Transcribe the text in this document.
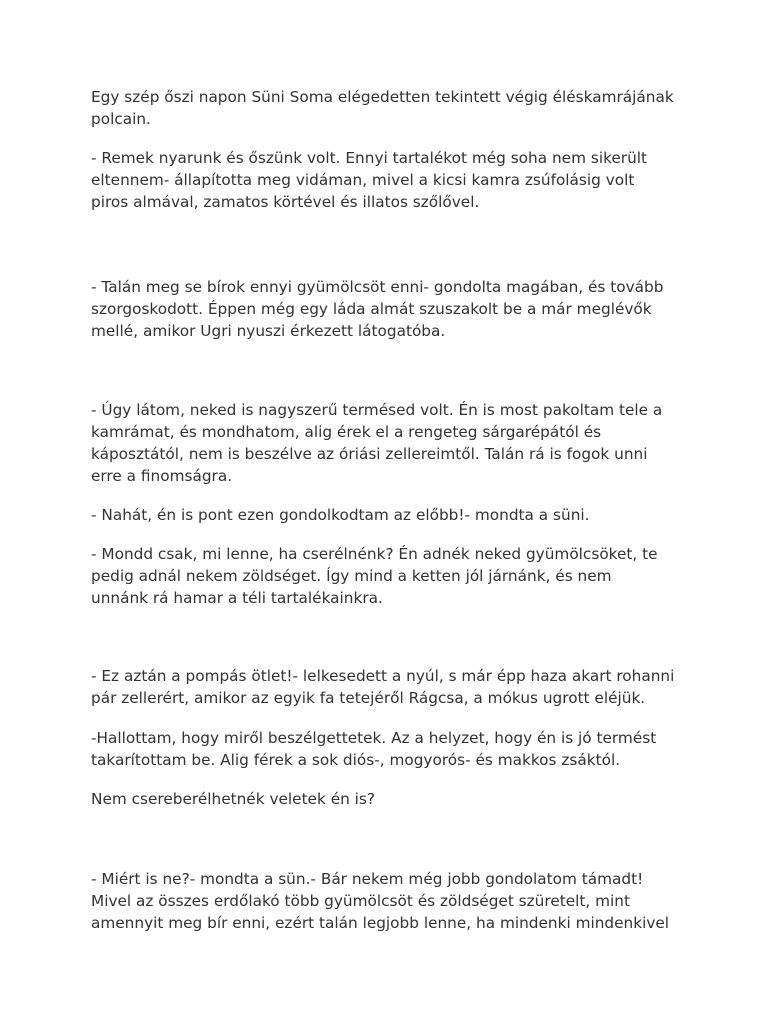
Egy szép őszi napon Süni Soma elégedetten tekintett végig éléskamrájának
polcain.

- Remek nyarunk és őszünk volt. Ennyi tartalékot még soha nem sikerült
eltennem- állapította meg vidáman, mivel a kicsi kamra zsúfolásig volt
piros almával, zamatos körtével és illatos szőlővel.

- Talán meg se bírok ennyi gyümölcsöt enni- gondolta magában, és tovább
szorgoskodott. Éppen még egy láda almát szuszakolt be a már meglévők
mellé, amikor Ugri nyuszi érkezett látogatóba.

- Úgy látom, neked is nagyszerű termésed volt. Én is most pakoltam tele a
kamrámat, és mondhatom, alig érek el a rengeteg sárgarépától és
káposztától, nem is beszélve az óriási zellereimtől. Talán rá is fogok unni
erre a finomságra.

- Nahát, én is pont ezen gondolkodtam az előbb!- mondta a süni.

- Mondd csak, mi lenne, ha cserélnénk? Én adnék neked gyümölcsöket, te
pedig adnál nekem zöldséget. Így mind a ketten jól járnánk, és nem
unnánk rá hamar a téli tartalékainkra.

- Ez aztán a pompás ötlet!- lelkesedett a nyúl, s már épp haza akart rohanni
pár zellerért, amikor az egyik fa tetejéről Rágcsa, a mókus ugrott eléjük.

-Hallottam, hogy miről beszélgettetek. Az a helyzet, hogy én is jó termést
takarítottam be. Alig férek a sok diós-, mogyorós- és makkos zsáktól.

Nem csereberélhetnék veletek én is?

- Miért is ne?- mondta a sün.- Bár nekem még jobb gondolatom támadt!
Mivel az összes erdőlakó több gyümölcsöt és zöldséget szüretelt, mint
amennyit meg bír enni, ezért talán legjobb lenne, ha mindenki mindenkivel
